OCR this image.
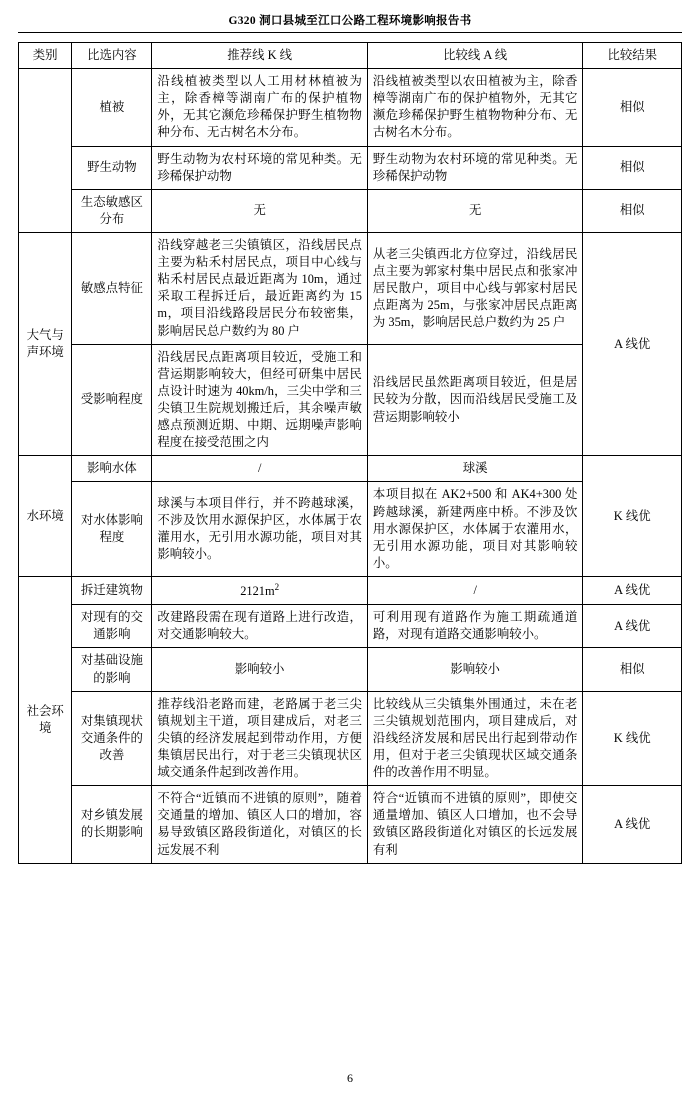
G320 洞口县城至江口公路工程环境影响报告书
类别	比选内容	推荐线 K 线	比较线 A 线	比较结果
	植被	沿线植被类型以人工用材林植被为主，除香樟等湖南广布的保护植物外，无其它濒危珍稀保护野生植物物种分布、无古树名木分布。	沿线植被类型以农田植被为主，除香樟等湖南广布的保护植物外，无其它濒危珍稀保护野生植物物种分布、无古树名木分布。	相似
	野生动物	野生动物为农村环境的常见种类。无珍稀保护动物	野生动物为农村环境的常见种类。无珍稀保护动物	相似
	生态敏感区分布	无	无	相似
大气与声环境	敏感点特征	沿线穿越老三尖镇镇区，沿线居民点主要为粘禾村居民点，项目中心线与粘禾村居民点最近距离为 10m，通过采取工程拆迁后，最近距离约为 15m，项目沿线路段居民分布较密集，影响居民总户数约为 80 户	从老三尖镇西北方位穿过，沿线居民点主要为郭家村集中居民点和张家冲居民散户，项目中心线与郭家村居民点距离为 25m，与张家冲居民点距离为 35m，影响居民总户数约为 25 户	A 线优
	受影响程度	沿线居民点距离项目较近，受施工和营运期影响较大，但经可研集中居民点设计时速为 40km/h，三尖中学和三尖镇卫生院规划搬迁后，其余噪声敏感点预测近期、中期、远期噪声影响程度在接受范围之内	沿线居民虽然距离项目较近，但是居民较为分散，因而沿线居民受施工及营运期影响较小	
水环境	影响水体	/	球溪	K 线优
	对水体影响程度	球溪与本项目伴行，并不跨越球溪，不涉及饮用水源保护区，水体属于农灌用水，无引用水源功能，项目对其影响较小。	本项目拟在 AK2+500 和 AK4+300 处跨越球溪，新建两座中桥。不涉及饮用水源保护区，水体属于农灌用水，无引用水源功能，项目对其影响较小。	
社会环境	拆迁建筑物	$2121m^2$	/	A 线优
	对现有的交通影响	改建路段需在现有道路上进行改造，对交通影响较大。	可利用现有道路作为施工期疏通道路，对现有道路交通影响较小。	A 线优
	对基础设施的影响	影响较小	影响较小	相似
	对集镇现状交通条件的改善	推荐线沿老路而建，老路属于老三尖镇规划主干道，项目建成后，对老三尖镇的经济发展起到带动作用，方便集镇居民出行，对于老三尖镇现状区域交通条件起到改善作用。	比较线从三尖镇集外围通过，未在老三尖镇规划范围内，项目建成后，对沿线经济发展和居民出行起到带动作用，但对于老三尖镇现状区域交通条件的改善作用不明显。	K 线优
	对乡镇发展的长期影响	不符合“近镇而不进镇的原则”，随着交通量的增加、镇区人口的增加，容易导致镇区路段街道化，对镇区的长远发展不利	符合“近镇而不进镇的原则”，即使交通量增加、镇区人口增加，也不会导致镇区路段街道化对镇区的长远发展有利	A 线优
6
